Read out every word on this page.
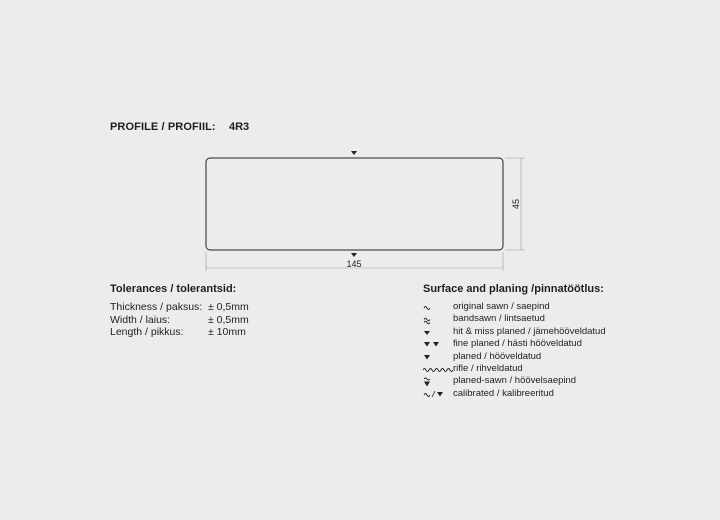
PROFILE / PROFIIL: 4R3
145
45
Tolerances / tolerantsid:
Thickness / paksus: ± 0,5mm
Width / laius:	± 0,5mm
Length / pikkus:	± 10mm
Surface and planing /pinnatöötlus:
original sawn / saepind
bandsawn / lintsaetud
hit & miss planed / jämehööveldatud
fine planed / hästi hööveldatud
planed / hööveldatud
rifle / rihveldatud
planed-sawn / höövelsaepind
calibrated / kalibreeritud
